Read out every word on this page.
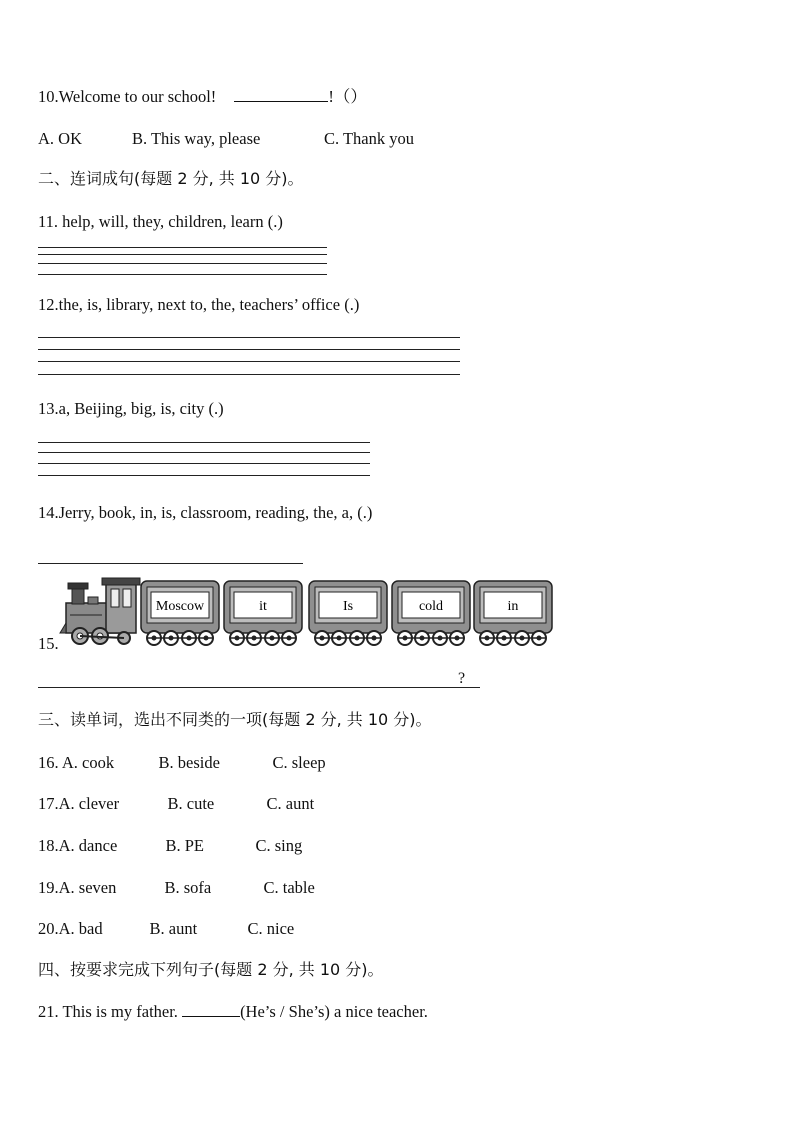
10.Welcome to our school!	!（）
A. OK	B. This way, please	C. Thank you
二、连词成句(每题 2 分, 共 10 分)。
11. help, will, they, children, learn (.)
12.the, is, library, next to, the, teachers’ office (.)
13.a, Beijing, big, is, city (.)
14.Jerry, book, in, is, classroom, reading, the, a, (.)
Moscow	it	Is	cold	in
15.
?
三、读单词，选出不同类的一项(每题 2 分, 共 10 分)。
16. A. cook	B. beside	C. sleep
17.A. clever	B. cute	C. aunt
18.A. dance	B. PE	C. sing
19.A. seven	B. sofa	C. table
20.A. bad	B. aunt	C. nice
四、按要求完成下列句子(每题 2 分, 共 10 分)。
21. This is my father.	(He’s / She’s) a nice teacher.
